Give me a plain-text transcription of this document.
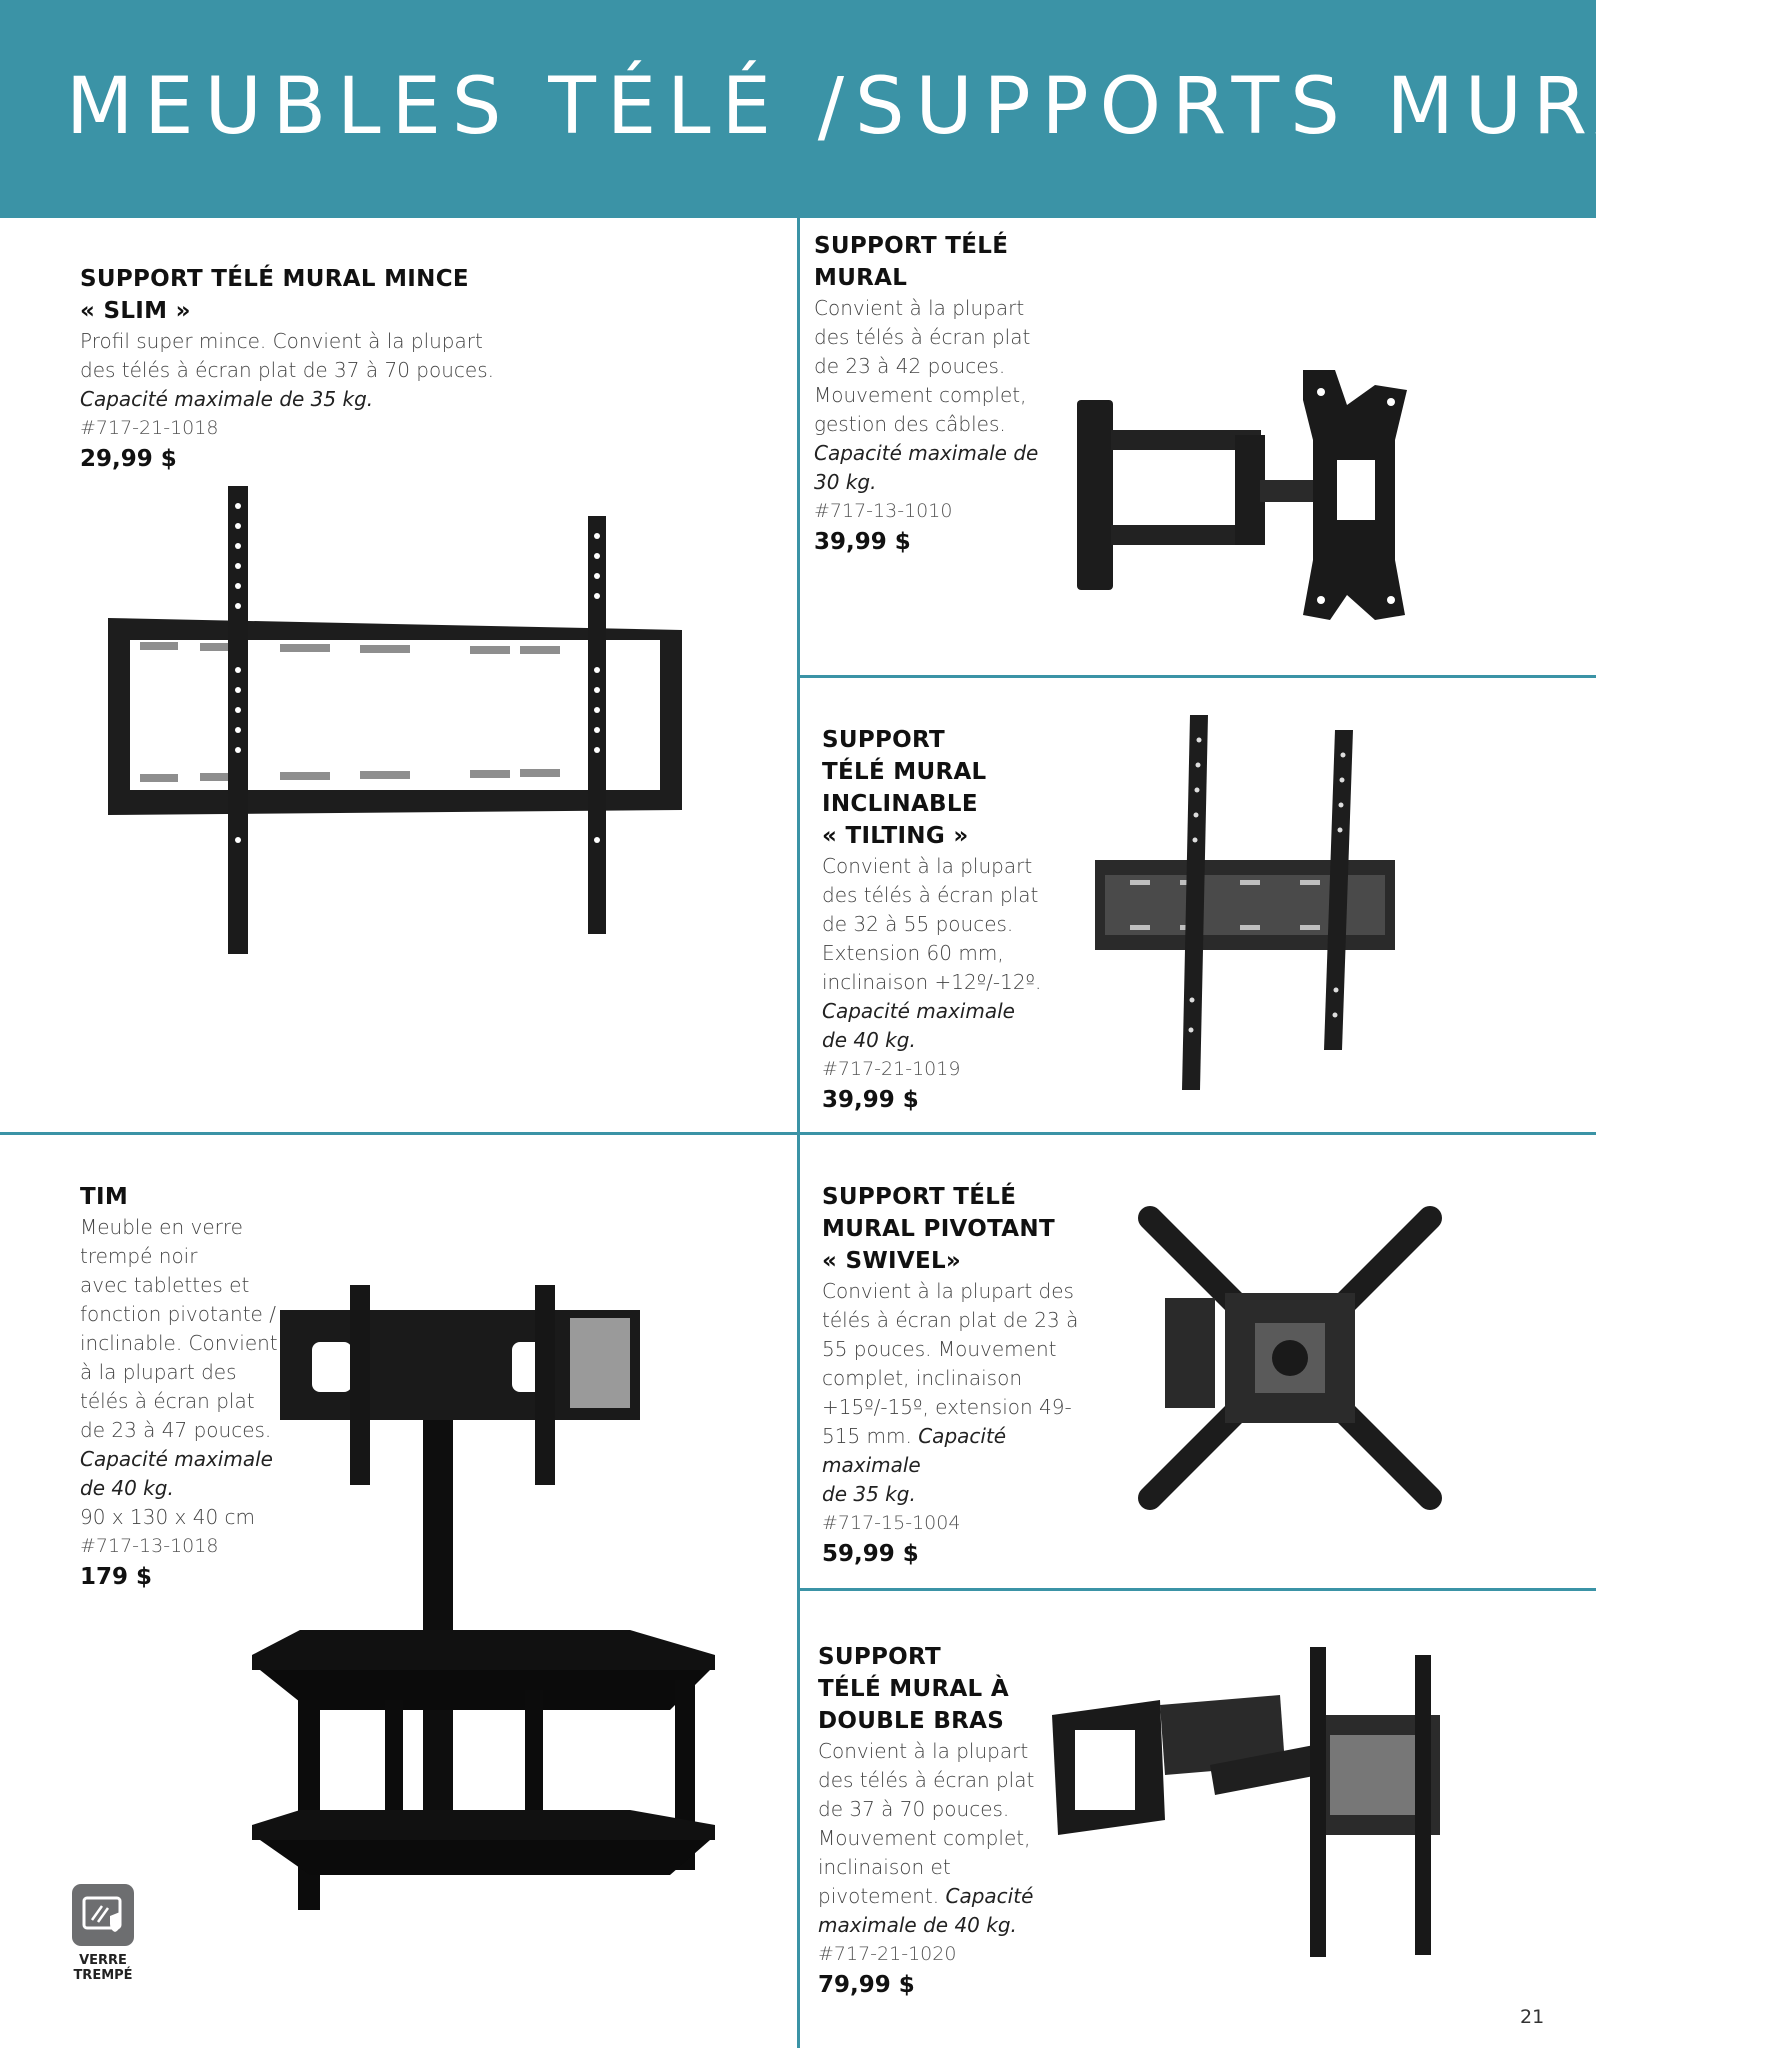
MEUBLES TÉLÉ /SUPPORTS MURAUX
SUPPORT TÉLÉ MURAL MINCE
« SLIM »
Profil super mince. Convient à la plupart
des télés à écran plat de 37 à 70 pouces.
Capacité maximale de 35 kg.
#717-21-1018
29,99 $
SUPPORT TÉLÉ
MURAL
Convient à la plupart
des télés à écran plat
de 23 à 42 pouces.
Mouvement complet,
gestion des câbles.
Capacité maximale de
30 kg.
#717-13-1010
39,99 $
SUPPORT
TÉLÉ MURAL
INCLINABLE
« TILTING »
Convient à la plupart
des télés à écran plat
de 32 à 55 pouces.
Extension 60 mm,
inclinaison +12º/-12º.
Capacité maximale
de 40 kg.
#717-21-1019
39,99 $
TIM
Meuble en verre
trempé noir
avec tablettes et
fonction pivotante /
inclinable. Convient
à la plupart des
télés à écran plat
de 23 à 47 pouces.
Capacité maximale
de 40 kg.
90 x 130 x 40 cm
#717-13-1018
179 $
SUPPORT TÉLÉ
MURAL PIVOTANT
« SWIVEL»
Convient à la plupart des
télés à écran plat de 23 à
55 pouces. Mouvement
complet, inclinaison
+15º/-15º, extension 49-
515 mm. Capacité
maximale
de 35 kg.
#717-15-1004
59,99 $
SUPPORT
TÉLÉ MURAL À
DOUBLE BRAS
Convient à la plupart
des télés à écran plat
de 37 à 70 pouces.
Mouvement complet,
inclinaison et
pivotement. Capacité
maximale de 40 kg.
#717-21-1020
79,99 $
VERRE
TREMPÉ
21
